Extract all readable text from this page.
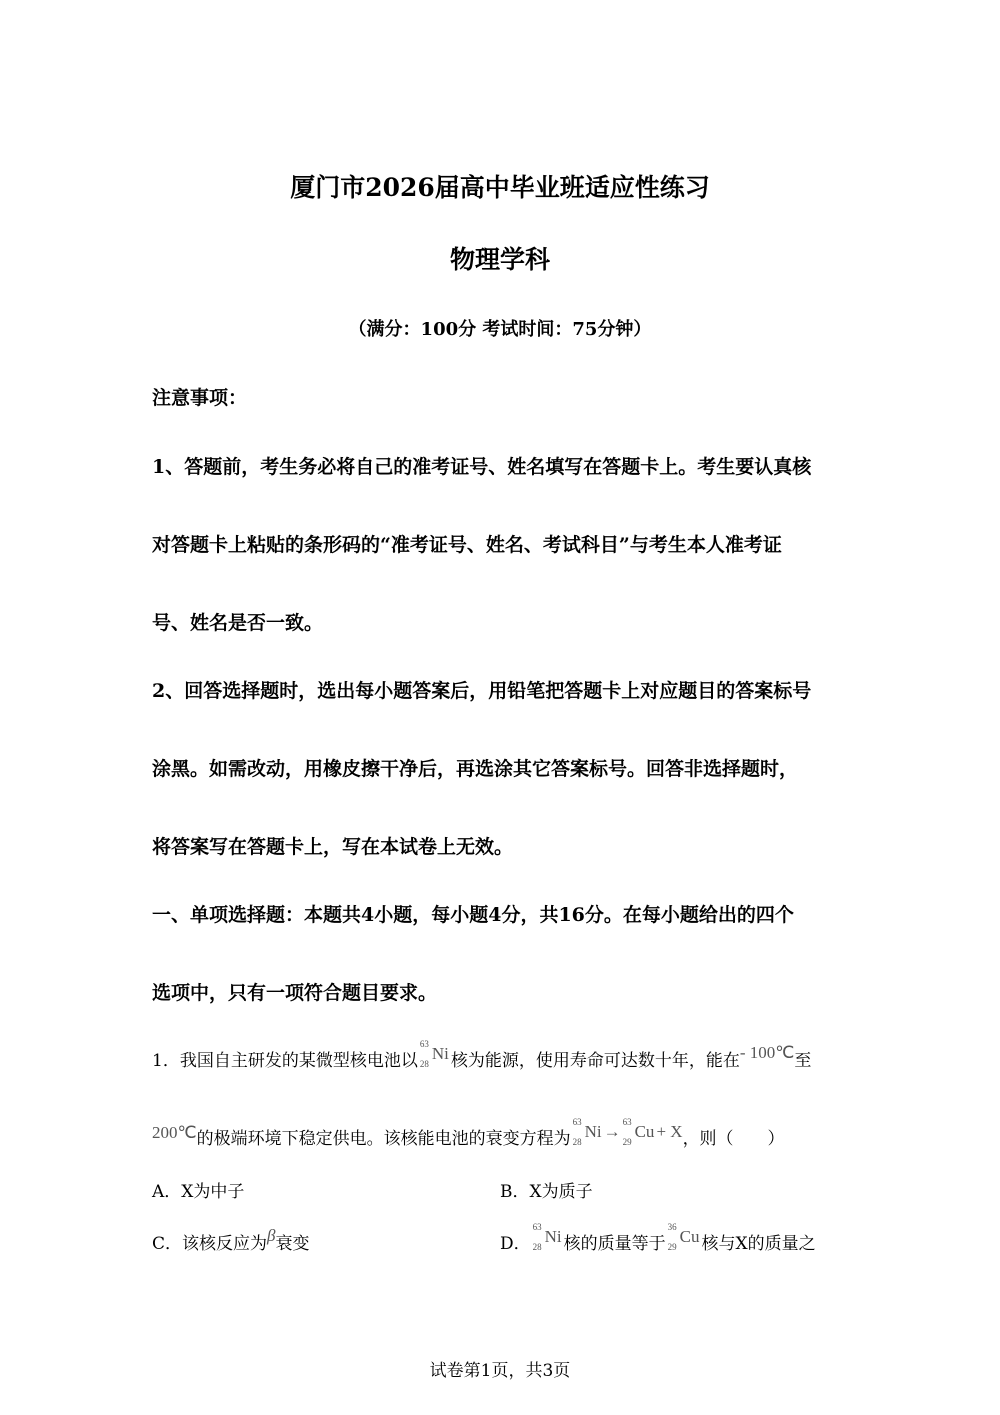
厦门市2026届高中毕业班适应性练习
物理学科
（满分：100分 考试时间：75分钟）
注意事项：
1、答题前，考生务必将自己的准考证号、姓名填写在答题卡上。考生要认真核
对答题卡上粘贴的条形码的“准考证号、姓名、考试科目”与考生本人准考证
号、姓名是否一致。
2、回答选择题时，选出每小题答案后，用铅笔把答题卡上对应题目的答案标号
涂黑。如需改动，用橡皮擦干净后，再选涂其它答案标号。回答非选择题时，
将答案写在答题卡上，写在本试卷上无效。
一、单项选择题：本题共4小题，每小题4分，共16分。在每小题给出的四个
选项中，只有一项符合题目要求。
1．我国自主研发的某微型核电池以
63
28
Ni 核为能源，使用寿命可达数十年，能在- 100℃至
200℃的极端环境下稳定供电。该核能电池的衰变方程为
63
28
Ni → 63
29
Cu + X，则（　　）
A．X为中子	B．X为质子
C．该核反应为β衰变	D．
63
28
Ni 核的质量等于
36
29
Cu 核与X的质量之
试卷第1页，共3页
